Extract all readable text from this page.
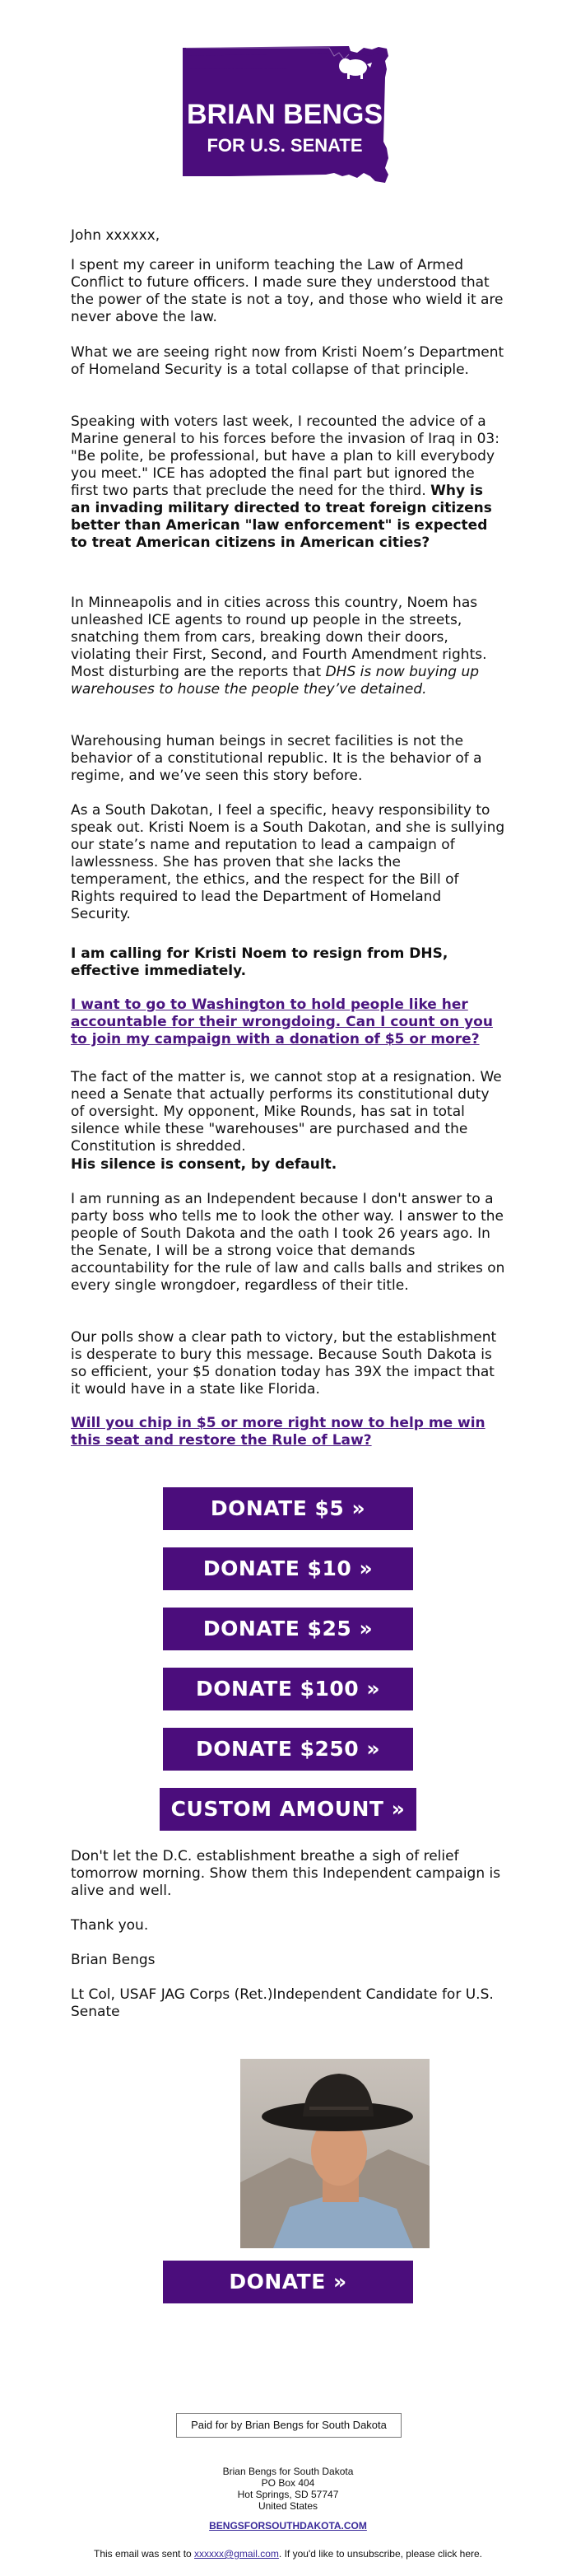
BRIAN BENGS
FOR U.S. SENATE

John xxxxxx,

I spent my career in uniform teaching the Law of Armed Conflict to future officers. I made sure they understood that the power of the state is not a toy, and those who wield it are never above the law.

What we are seeing right now from Kristi Noem’s Department of Homeland Security is a total collapse of that principle.

Speaking with voters last week, I recounted the advice of a Marine general to his forces before the invasion of Iraq in 03: "Be polite, be professional, but have a plan to kill everybody you meet." ICE has adopted the final part but ignored the first two parts that preclude the need for the third. Why is an invading military directed to treat foreign citizens better than American "law enforcement" is expected to treat American citizens in American cities?

In Minneapolis and in cities across this country, Noem has unleashed ICE agents to round up people in the streets, snatching them from cars, breaking down their doors, violating their First, Second, and Fourth Amendment rights. Most disturbing are the reports that DHS is now buying up warehouses to house the people they’ve detained.

Warehousing human beings in secret facilities is not the behavior of a constitutional republic. It is the behavior of a regime, and we’ve seen this story before.

As a South Dakotan, I feel a specific, heavy responsibility to speak out. Kristi Noem is a South Dakotan, and she is sullying our state’s name and reputation to lead a campaign of lawlessness. She has proven that she lacks the temperament, the ethics, and the respect for the Bill of Rights required to lead the Department of Homeland Security.

I am calling for Kristi Noem to resign from DHS, effective immediately.

I want to go to Washington to hold people like her accountable for their wrongdoing. Can I count on you to join my campaign with a donation of $5 or more?

The fact of the matter is, we cannot stop at a resignation. We need a Senate that actually performs its constitutional duty of oversight. My opponent, Mike Rounds, has sat in total silence while these "warehouses" are purchased and the Constitution is shredded.

His silence is consent, by default.

I am running as an Independent because I don't answer to a party boss who tells me to look the other way. I answer to the people of South Dakota and the oath I took 26 years ago. In the Senate, I will be a strong voice that demands accountability for the rule of law and calls balls and strikes on every single wrongdoer, regardless of their title.

Our polls show a clear path to victory, but the establishment is desperate to bury this message. Because South Dakota is so efficient, your $5 donation today has 39X the impact that it would have in a state like Florida.

Will you chip in $5 or more right now to help me win this seat and restore the Rule of Law?

Don't let the D.C. establishment breathe a sigh of relief tomorrow morning. Show them this Independent campaign is alive and well.

Thank you.

Brian Bengs

Lt Col, USAF JAG Corps (Ret.)Independent Candidate for U.S. Senate

DONATE $5 »
DONATE $10 »
DONATE $25 »
DONATE $100 »
DONATE $250 »
CUSTOM AMOUNT »
DONATE »
Paid for by Brian Bengs for South Dakota
Brian Bengs for South Dakota
PO Box 404
Hot Springs, SD 57747
United States
BENGSFORSOUTHDAKOTA.COM
This email was sent to xxxxxx@gmail.com. If you'd like to unsubscribe, please click here.
